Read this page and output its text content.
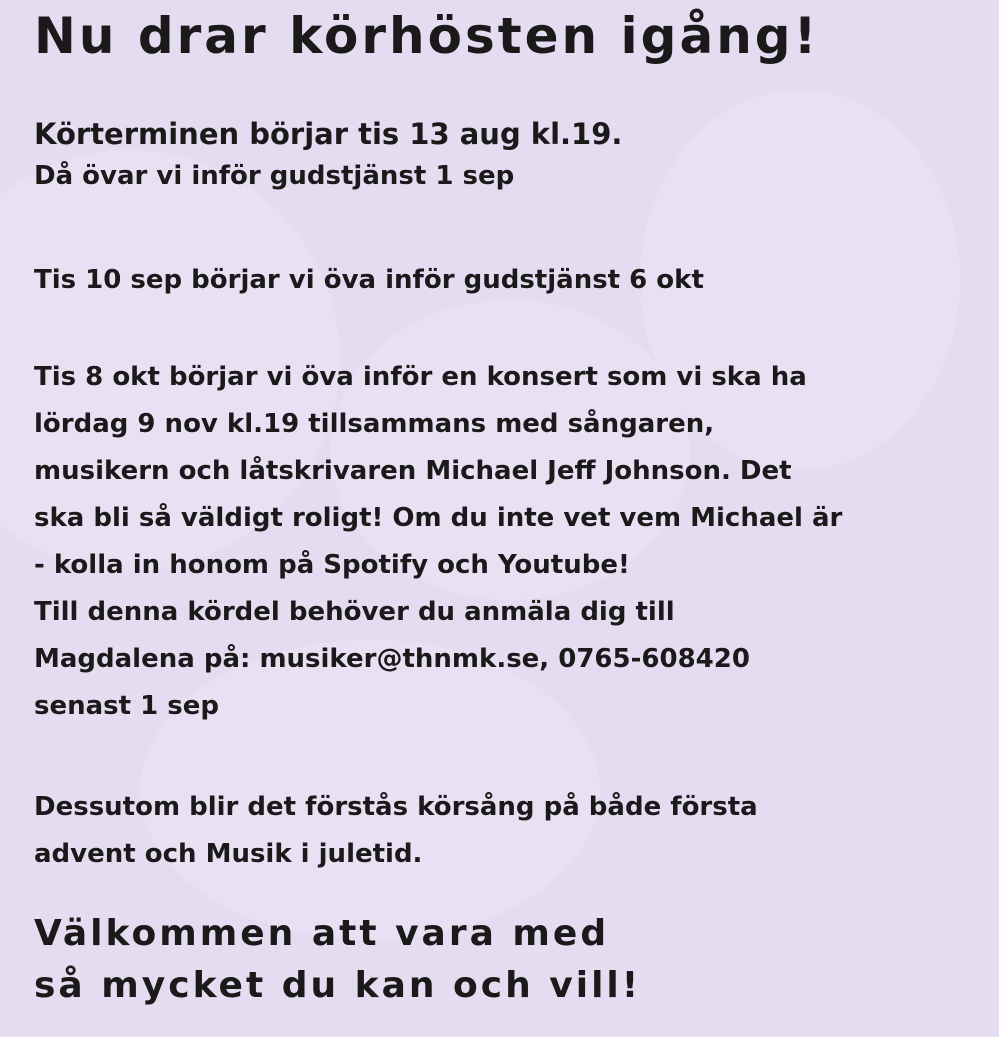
Nu drar körhösten igång!

Körterminen börjar tis 13 aug kl.19.
Då övar vi inför gudstjänst 1 sep

Tis 10 sep börjar vi öva inför gudstjänst 6 okt

Tis 8 okt börjar vi öva inför en konsert som vi ska ha
lördag 9 nov kl.19 tillsammans med sångaren,
musikern och låtskrivaren Michael Jeff Johnson. Det
ska bli så väldigt roligt! Om du inte vet vem Michael är
- kolla in honom på Spotify och Youtube!
Till denna kördel behöver du anmäla dig till
Magdalena på: musiker@thnmk.se, 0765-608420
senast 1 sep

Dessutom blir det förstås körsång på både första
advent och Musik i juletid.

Välkommen att vara med
så mycket du kan och vill!
